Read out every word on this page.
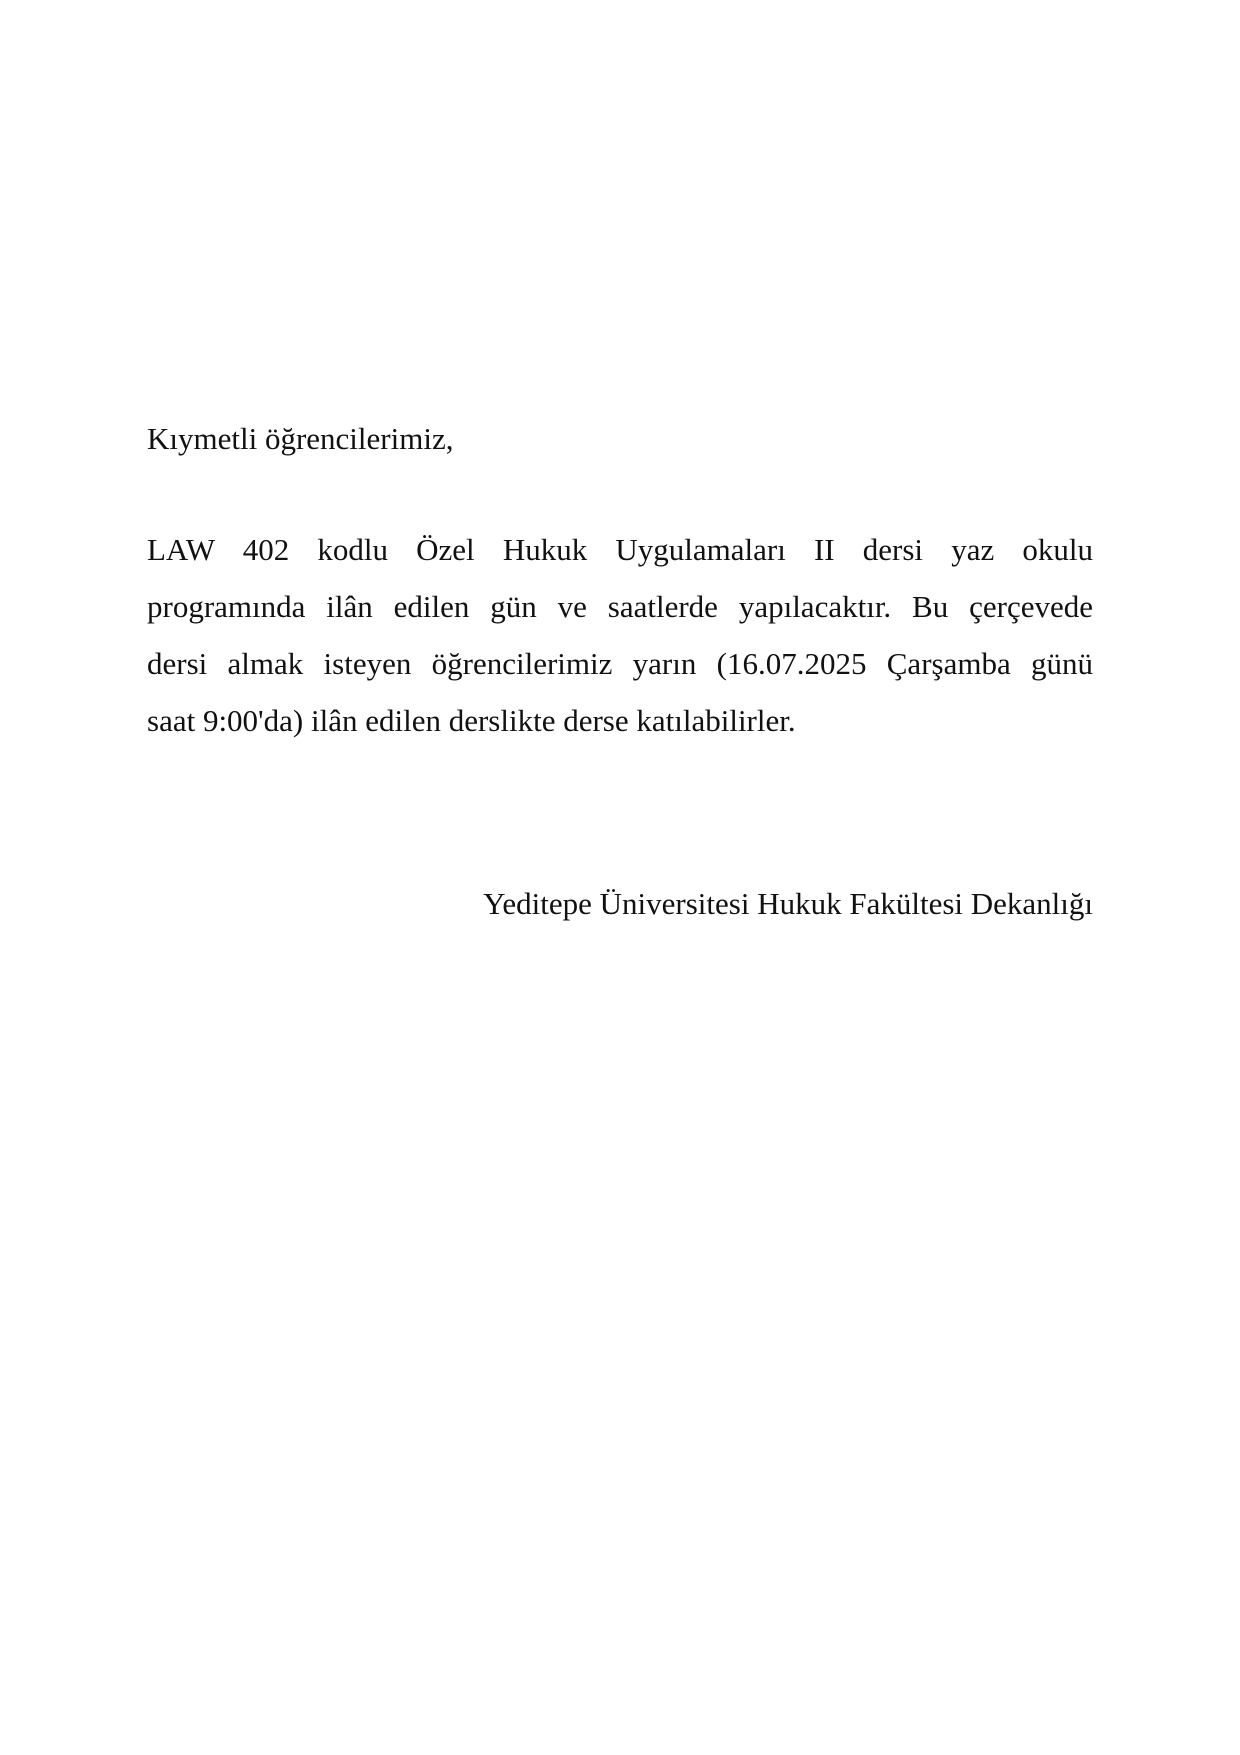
Kıymetli öğrencilerimiz,

LAW 402 kodlu Özel Hukuk Uygulamaları II dersi yaz okulu
programında ilân edilen gün ve saatlerde yapılacaktır. Bu çerçevede
dersi almak isteyen öğrencilerimiz yarın (16.07.2025 Çarşamba günü
saat 9:00'da) ilân edilen derslikte derse katılabilirler.

Yeditepe Üniversitesi Hukuk Fakültesi Dekanlığı
